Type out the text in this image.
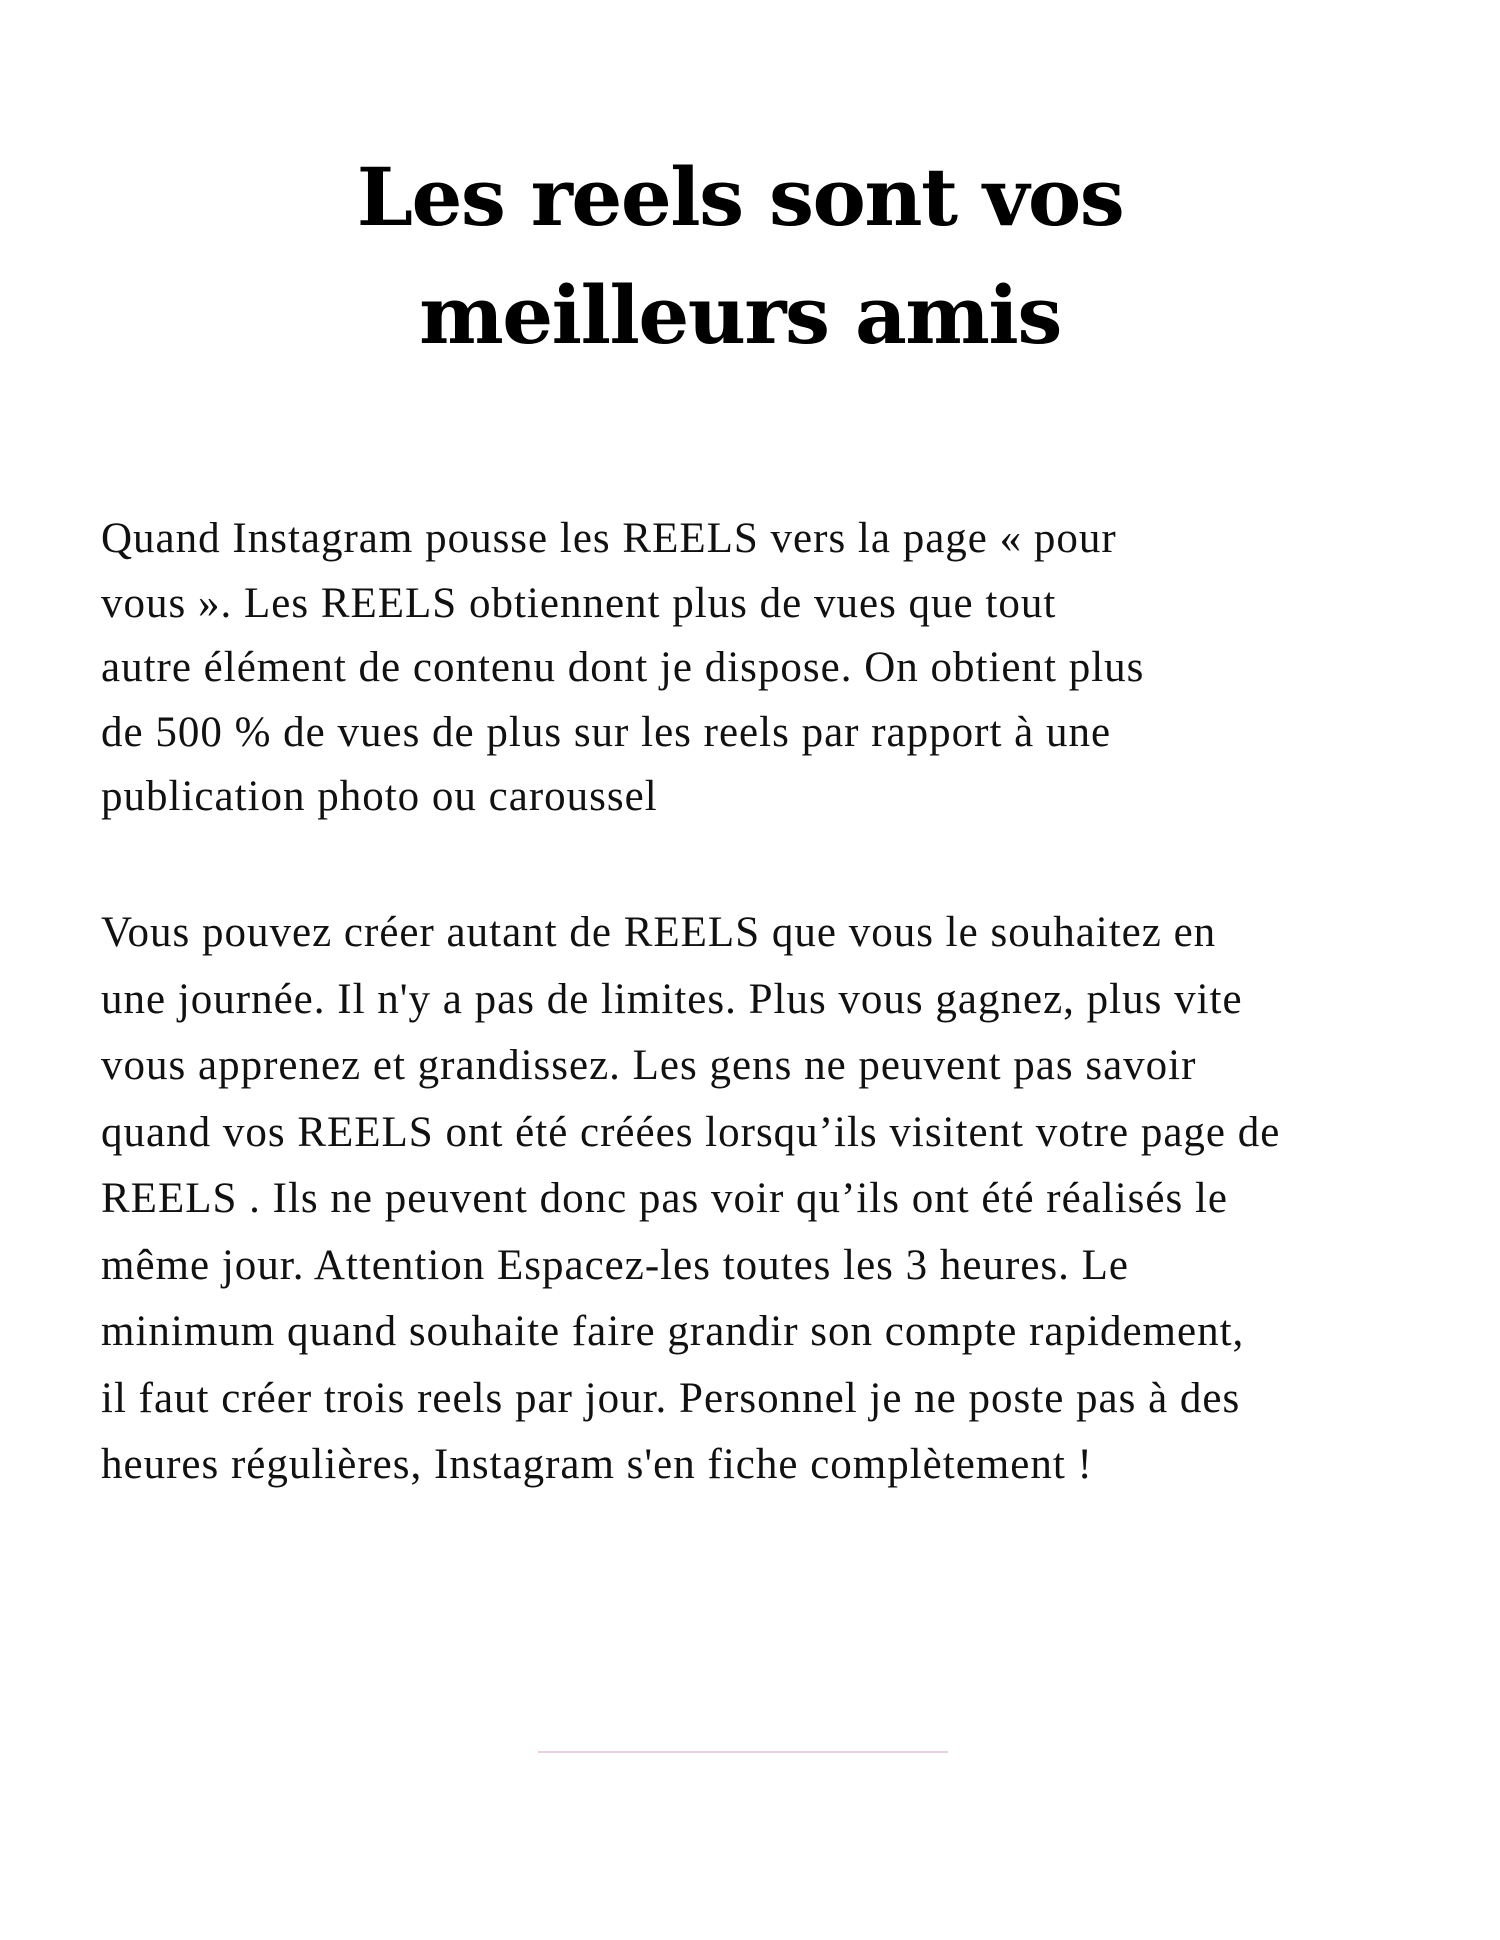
Les reels sont vos
meilleurs amis

Quand Instagram pousse les REELS vers la page « pour
vous ». Les REELS obtiennent plus de vues que tout
autre élément de contenu dont je dispose. On obtient plus
de 500 % de vues de plus sur les reels par rapport à une
publication photo ou caroussel

Vous pouvez créer autant de REELS que vous le souhaitez en
une journée. Il n'y a pas de limites. Plus vous gagnez, plus vite
vous apprenez et grandissez. Les gens ne peuvent pas savoir
quand vos REELS ont été créées lorsqu’ils visitent votre page de
REELS . Ils ne peuvent donc pas voir qu’ils ont été réalisés le
même jour. Attention Espacez-les toutes les 3 heures. Le
minimum quand souhaite faire grandir son compte rapidement,
il faut créer trois reels par jour. Personnel je ne poste pas à des
heures régulières, Instagram s'en fiche complètement !
